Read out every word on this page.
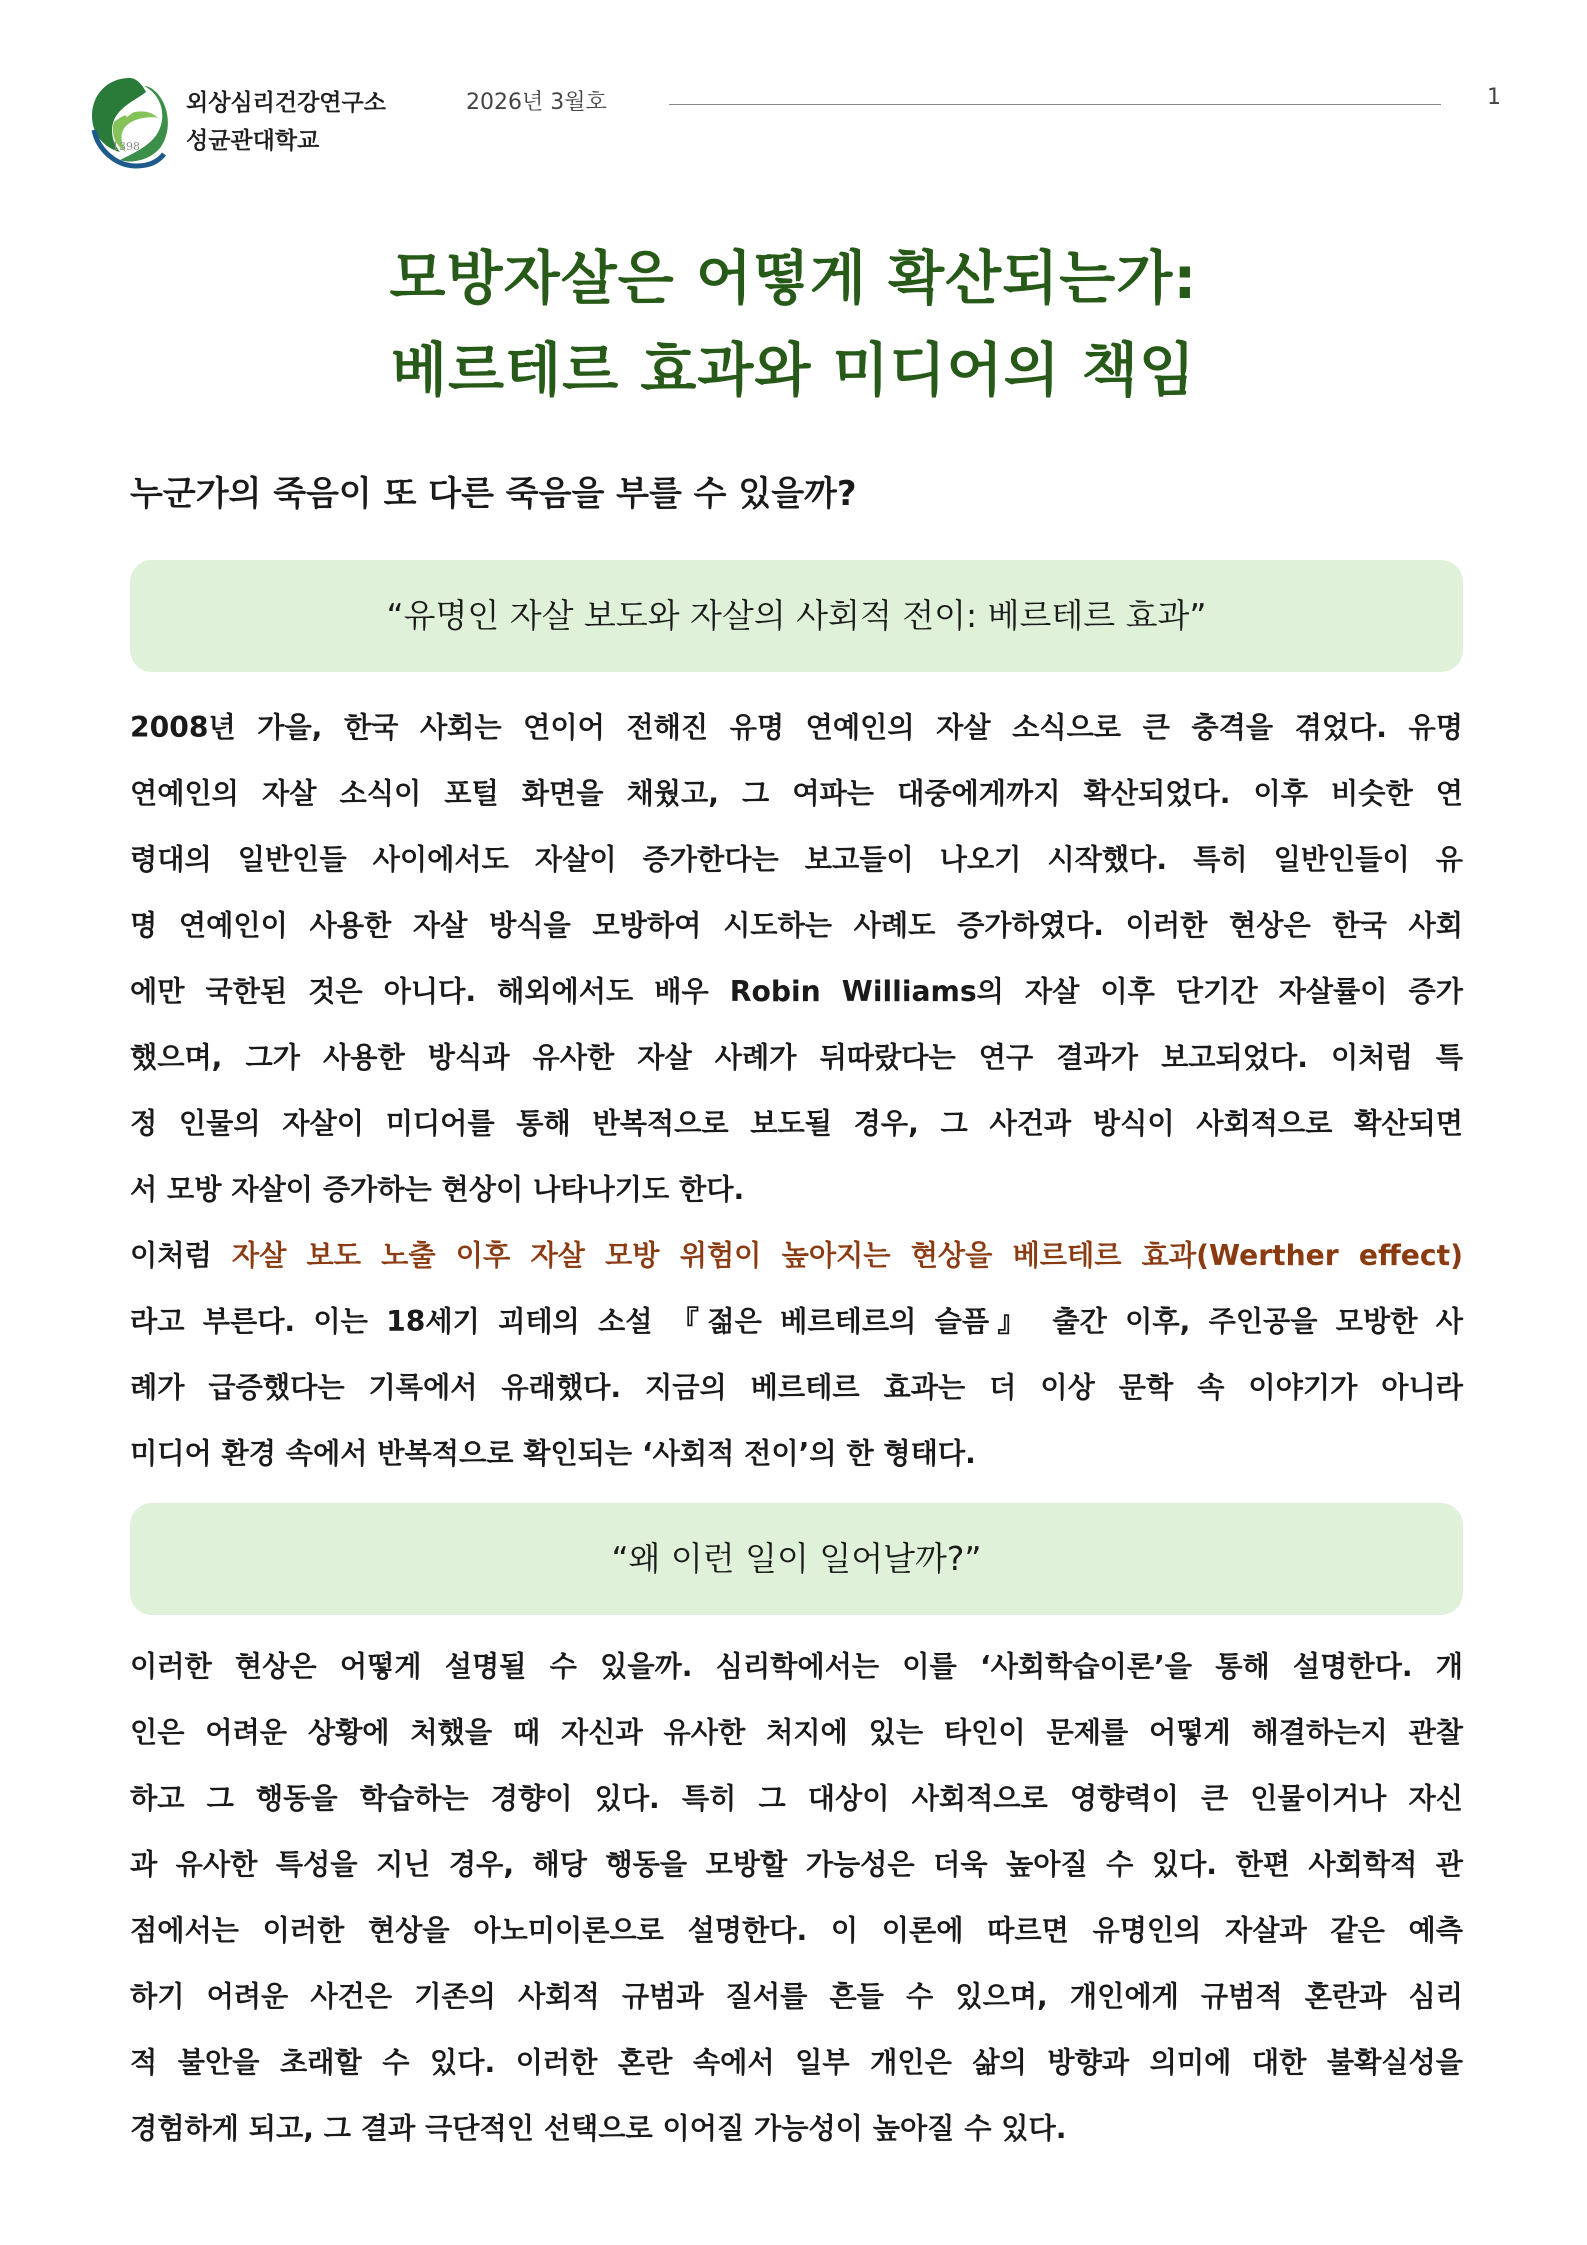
1398
외상심리건강연구소
성균관대학교
2026년 3월호	1
모방자살은 어떻게 확산되는가:
베르테르 효과와 미디어의 책임
누군가의 죽음이 또 다른 죽음을 부를 수 있을까?
“유명인 자살 보도와 자살의 사회적 전이: 베르테르 효과”
2008년 가을, 한국 사회는 연이어 전해진 유명 연예인의 자살 소식으로 큰 충격을 겪었다. 유명
연예인의 자살 소식이 포털 화면을 채웠고, 그 여파는 대중에게까지 확산되었다. 이후 비슷한 연
령대의 일반인들 사이에서도 자살이 증가한다는 보고들이 나오기 시작했다. 특히 일반인들이 유
명 연예인이 사용한 자살 방식을 모방하여 시도하는 사례도 증가하였다. 이러한 현상은 한국 사회
에만 국한된 것은 아니다. 해외에서도 배우 Robin Williams의 자살 이후 단기간 자살률이 증가
했으며, 그가 사용한 방식과 유사한 자살 사례가 뒤따랐다는 연구 결과가 보고되었다. 이처럼 특
정 인물의 자살이 미디어를 통해 반복적으로 보도될 경우, 그 사건과 방식이 사회적으로 확산되면
서 모방 자살이 증가하는 현상이 나타나기도 한다.
이처럼 자살 보도 노출 이후 자살 모방 위험이 높아지는 현상을 베르테르 효과(Werther effect)
라고 부른다. 이는 18세기 괴테의 소설 『젊은 베르테르의 슬픔』 출간 이후, 주인공을 모방한 사
례가 급증했다는 기록에서 유래했다. 지금의 베르테르 효과는 더 이상 문학 속 이야기가 아니라
미디어 환경 속에서 반복적으로 확인되는 ‘사회적 전이’의 한 형태다.
“왜 이런 일이 일어날까?”
이러한 현상은 어떻게 설명될 수 있을까. 심리학에서는 이를 ‘사회학습이론’을 통해 설명한다. 개
인은 어려운 상황에 처했을 때 자신과 유사한 처지에 있는 타인이 문제를 어떻게 해결하는지 관찰
하고 그 행동을 학습하는 경향이 있다. 특히 그 대상이 사회적으로 영향력이 큰 인물이거나 자신
과 유사한 특성을 지닌 경우, 해당 행동을 모방할 가능성은 더욱 높아질 수 있다. 한편 사회학적 관
점에서는 이러한 현상을 아노미이론으로 설명한다. 이 이론에 따르면 유명인의 자살과 같은 예측
하기 어려운 사건은 기존의 사회적 규범과 질서를 흔들 수 있으며, 개인에게 규범적 혼란과 심리
적 불안을 초래할 수 있다. 이러한 혼란 속에서 일부 개인은 삶의 방향과 의미에 대한 불확실성을
경험하게 되고, 그 결과 극단적인 선택으로 이어질 가능성이 높아질 수 있다.
